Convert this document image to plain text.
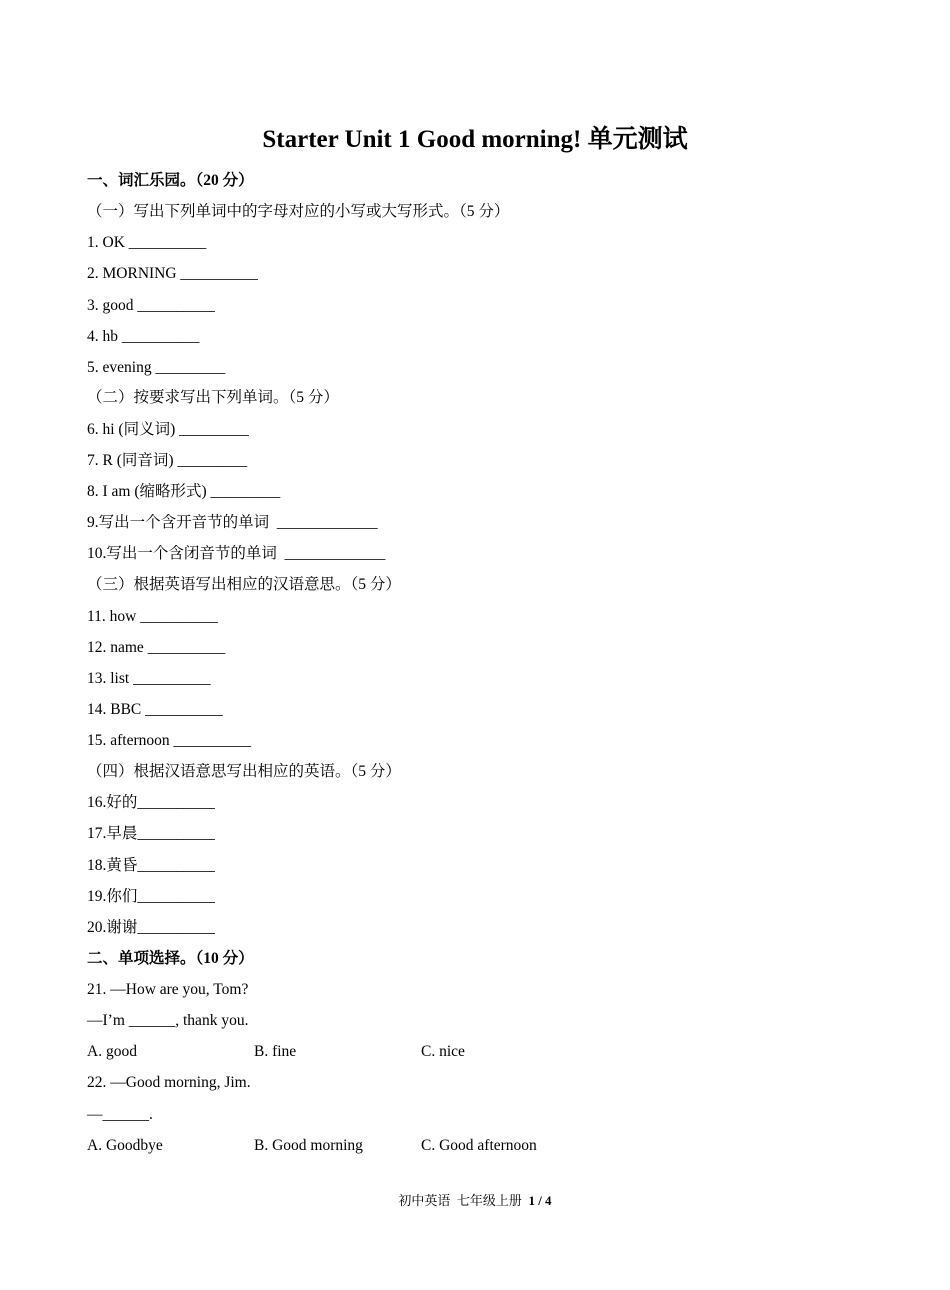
Starter Unit 1 Good morning! 单元测试
一、词汇乐园。（20 分）
（一）写出下列单词中的字母对应的小写或大写形式。（5 分）
1. OK __________
2. MORNING __________
3. good __________
4. hb __________
5. evening _________
（二）按要求写出下列单词。（5 分）
6. hi (同义词) _________
7. R (同音词) _________
8. I am (缩略形式) _________
9.写出一个含开音节的单词  _____________
10.写出一个含闭音节的单词  _____________
（三）根据英语写出相应的汉语意思。（5 分）
11. how __________
12. name __________
13. list __________
14. BBC __________
15. afternoon __________
（四）根据汉语意思写出相应的英语。（5 分）
16.好的__________
17.早晨__________
18.黄昏__________
19.你们__________
20.谢谢__________
二、单项选择。（10 分）
21. —How are you, Tom?
—I’m ______, thank you.
A. good	B. fine	C. nice
22. —Good morning, Jim.
—______.
A. Goodbye	B. Good morning	C. Good afternoon
初中英语  七年级上册  1 / 4
